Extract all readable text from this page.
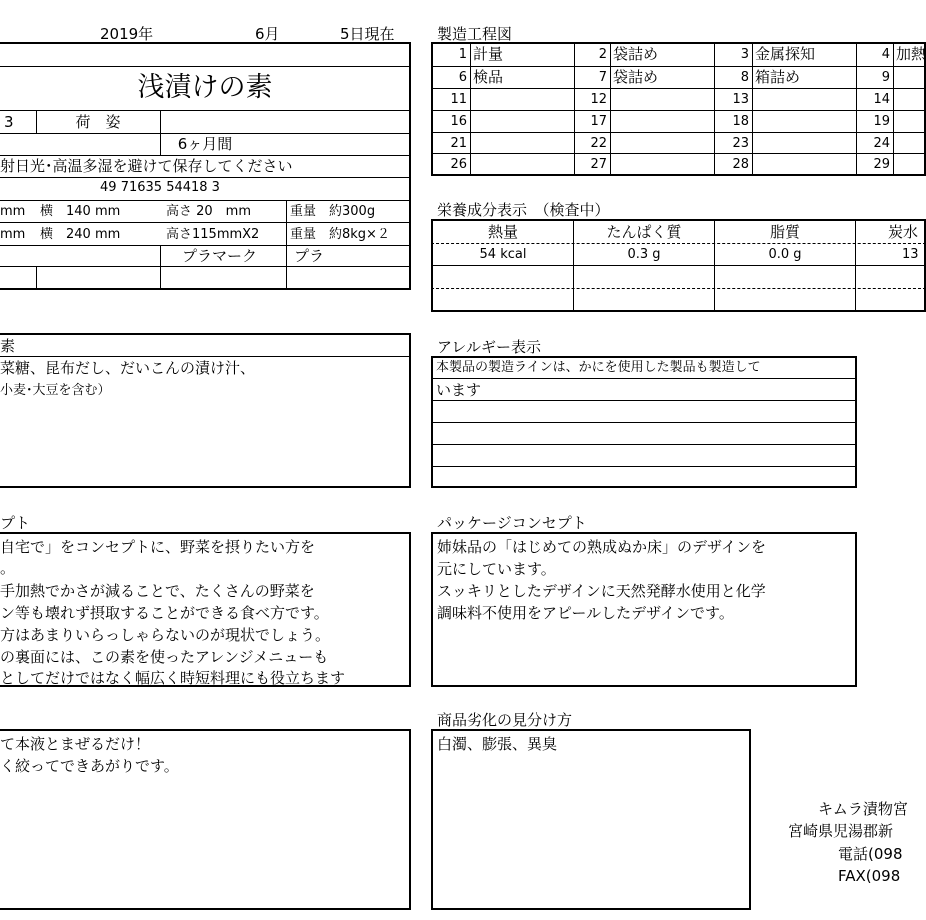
2019年	6月	5日現在
浅漬けの素
3	荷　姿
6ヶ月間
射日光･高温多湿を避けて保存してください
49 71635 54418 3
mm 横　140 mm	高さ 20　mm	重量　約300g
mm 横　240 mm	高さ115mmX2 重量　約8kg×２
プラマーク プラ
製造工程図
1 計量	2 袋詰め	3 金属探知	4 加熱
6 検品	7 袋詰め	8 箱詰め	9
11	12	13	14
16	17	18	19
21	22	23	24
26	27	28	29
栄養成分表示　（検査中）
熱量	たんぱく質	脂質	炭水
54 kcal	0.3 g	0.0 g	13
素
菜糖、昆布だし、だいこんの漬け汁、
小麦･大豆を含む）
アレルギー表示
本製品の製造ラインは、かにを使用した製品も製造して
います
プト
自宅で」をコンセプトに、野菜を摂りたい方を
。
手加熱でかさが減ることで、たくさんの野菜を
ン等も壊れず摂取することができる食べ方です。
方はあまりいらっしゃらないのが現状でしょう。
の裏面には、この素を使ったアレンジメニューも
としてだけではなく幅広く時短料理にも役立ちます
パッケージコンセプト
姉妹品の「はじめての熟成ぬか床」のデザインを
元にしています。
スッキリとしたデザインに天然発酵水使用と化学
調味料不使用をアピールしたデザインです。
て本液とまぜるだけ！
く絞ってできあがりです。
商品劣化の見分け方
白濁、膨張、異臭
キムラ漬物宮
宮崎県児湯郡新
電話(098
FAX(098
